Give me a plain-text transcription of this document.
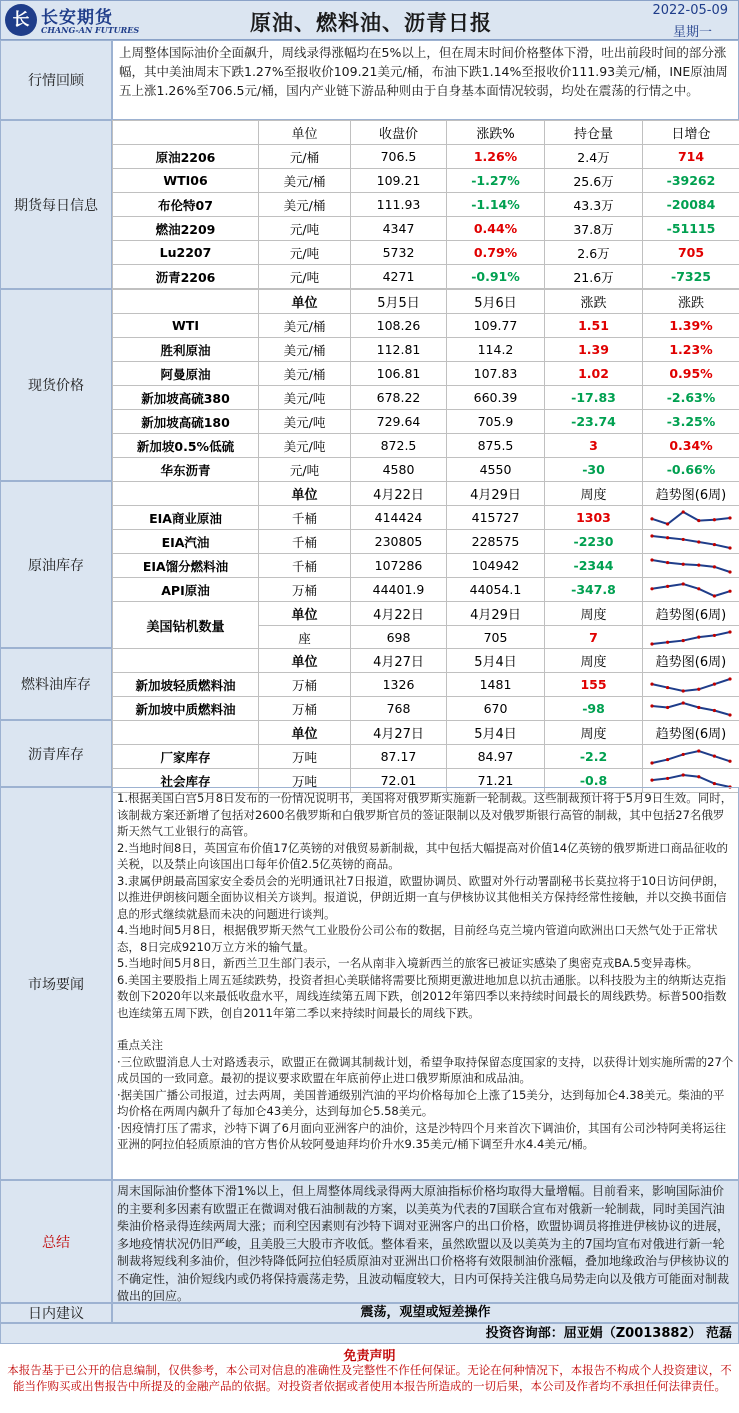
长 长安期货
CHANG-AN FUTURES	原油、燃料油、沥青日报
2022-05-09
星期一
行情回顾
上周整体国际油价全面飙升，周线录得涨幅均在5%以上，但在周末时间价格整体下滑，吐出前段时间的部分涨幅，其中美油周末下跌1.27%至报收价109.21美元/桶，布油下跌1.14%至报收价111.93美元/桶，INE原油周五上涨1.26%至706.5元/桶，国内产业链下游品种则由于自身基本面情况较弱，均处在震荡的行情之中。
期货每日信息
	单位	收盘价	涨跌%	持仓量	日增仓
原油2206	元/桶	706.5	1.26%	2.4万	714
WTI06	美元/桶	109.21	-1.27%	25.6万	-39262
布伦特07	美元/桶	111.93	-1.14%	43.3万	-20084
燃油2209	元/吨	4347	0.44%	37.8万	-51115
Lu2207	元/吨	5732	0.79%	2.6万	705
沥青2206	元/吨	4271	-0.91%	21.6万	-7325
现货价格
	单位	5月5日	5月6日	涨跌	涨跌
WTI	美元/桶	108.26	109.77	1.51	1.39%
胜利原油	美元/桶	112.81	114.2	1.39	1.23%
阿曼原油	美元/桶	106.81	107.83	1.02	0.95%
新加坡高硫380	美元/吨	678.22	660.39	-17.83	-2.63%
新加坡高硫180	美元/吨	729.64	705.9	-23.74	-3.25%
新加坡0.5%低硫	美元/吨	872.5	875.5	3	0.34%
华东沥青	元/吨	4580	4550	-30	-0.66%
原油库存
	单位	4月22日	4月29日	周度	趋势图(6周)
EIA商业原油	千桶	414424	415727	1303	

EIA汽油	千桶	230805	228575	-2230	

EIA馏分燃料油	千桶	107286	104942	-2344	

API原油	万桶	44401.9	44054.1	-347.8	

美国钻机数量	单位	4月22日	4月29日	周度	趋势图(6周)
	座	698	705	7	
燃料油库存
	单位	4月27日	5月4日	周度	趋势图(6周)
新加坡轻质燃料油	万桶	1326	1481	155	

新加坡中质燃料油	万桶	768	670	-98	
沥青库存
	单位	4月27日	5月4日	周度	趋势图(6周)
厂家库存	万吨	87.17	84.97	-2.2	

社会库存	万吨	72.01	71.21	-0.8	
市场要闻

1.根据美国白宫5月8日发布的一份情况说明书，美国将对俄罗斯实施新一轮制裁。这些制裁预计将于5月9日生效。同时，该制裁方案还新增了包括对2600名俄罗斯和白俄罗斯官员的签证限制以及对俄罗斯银行高管的制裁，其中包括27名俄罗斯天然气工业银行的高管。

2.当地时间8日，英国宣布价值17亿英镑的对俄贸易新制裁，其中包括大幅提高对价值14亿英镑的俄罗斯进口商品征收的关税，以及禁止向该国出口每年价值2.5亿英镑的商品。

3.隶属伊朗最高国家安全委员会的光明通讯社7日报道，欧盟协调员、欧盟对外行动署副秘书长莫拉将于10日访问伊朗，以推进伊朗核问题全面协议相关方谈判。报道说，伊朗近期一直与伊核协议其他相关方保持经常性接触，并以交换书面信息的形式继续就悬而未决的问题进行谈判。

4.当地时间5月8日，根据俄罗斯天然气工业股份公司公布的数据，目前经乌克兰境内管道向欧洲出口天然气处于正常状态，8日完成9210万立方米的输气量。

5.当地时间5月8日，新西兰卫生部门表示，一名从南非入境新西兰的旅客已被证实感染了奥密克戎BA.5变异毒株。

6.美国主要股指上周五延续跌势，投资者担心美联储将需要比预期更激进地加息以抗击通胀。以科技股为主的纳斯达克指数创下2020年以来最低收盘水平，周线连续第五周下跌，创2012年第四季以来持续时间最长的周线跌势。标普500指数也连续第五周下跌，创自2011年第二季以来持续时间最长的周线下跌。

重点关注

·三位欧盟消息人士对路透表示，欧盟正在微调其制裁计划，希望争取持保留态度国家的支持，以获得计划实施所需的27个成员国的一致同意。最初的提议要求欧盟在年底前停止进口俄罗斯原油和成品油。

·据美国广播公司报道，过去两周，美国普通级别汽油的平均价格每加仑上涨了15美分，达到每加仑4.38美元。柴油的平均价格在两周内飙升了每加仑43美分，达到每加仑5.58美元。

·因疫情打压了需求，沙特下调了6月面向亚洲客户的油价，这是沙特四个月来首次下调油价，其国有公司沙特阿美将运往亚洲的阿拉伯轻质原油的官方售价从较阿曼迪拜均价升水9.35美元/桶下调至升水4.4美元/桶。

总结
周末国际油价整体下滑1%以上，但上周整体周线录得两大原油指标价格均取得大量增幅。目前看来，影响国际油价的主要利多因素有欧盟正在微调对俄石油制裁的方案，以美英为代表的7国联合宣布对俄新一轮制裁，同时美国汽油柴油价格录得连续两周大涨；而利空因素则有沙特下调对亚洲客户的出口价格，欧盟协调员将推进伊核协议的进展，多地疫情状况仍旧严峻，且美股三大股市齐收低。整体看来，虽然欧盟以及以美英为主的7国均宣布对俄进行新一轮制裁将短线利多油价，但沙特降低阿拉伯轻质原油对亚洲出口价格将有效限制油价涨幅，叠加地缘政治与伊核协议的不确定性，油价短线内或仍将保持震荡走势，且波动幅度较大，日内可保持关注俄乌局势走向以及俄方可能面对制裁做出的回应。
日内建议	震荡，观望或短差操作
投资咨询部：屈亚娟（Z0013882） 范磊
免责声明
本报告基于已公开的信息编制，仅供参考，本公司对信息的准确性及完整性不作任何保证。无论在何种情况下，本报告不构成个人投资建议，不能当作购买或出售报告中所提及的金融产品的依据。对投资者依据或者使用本报告所造成的一切后果，本公司及作者均不承担任何法律责任。
